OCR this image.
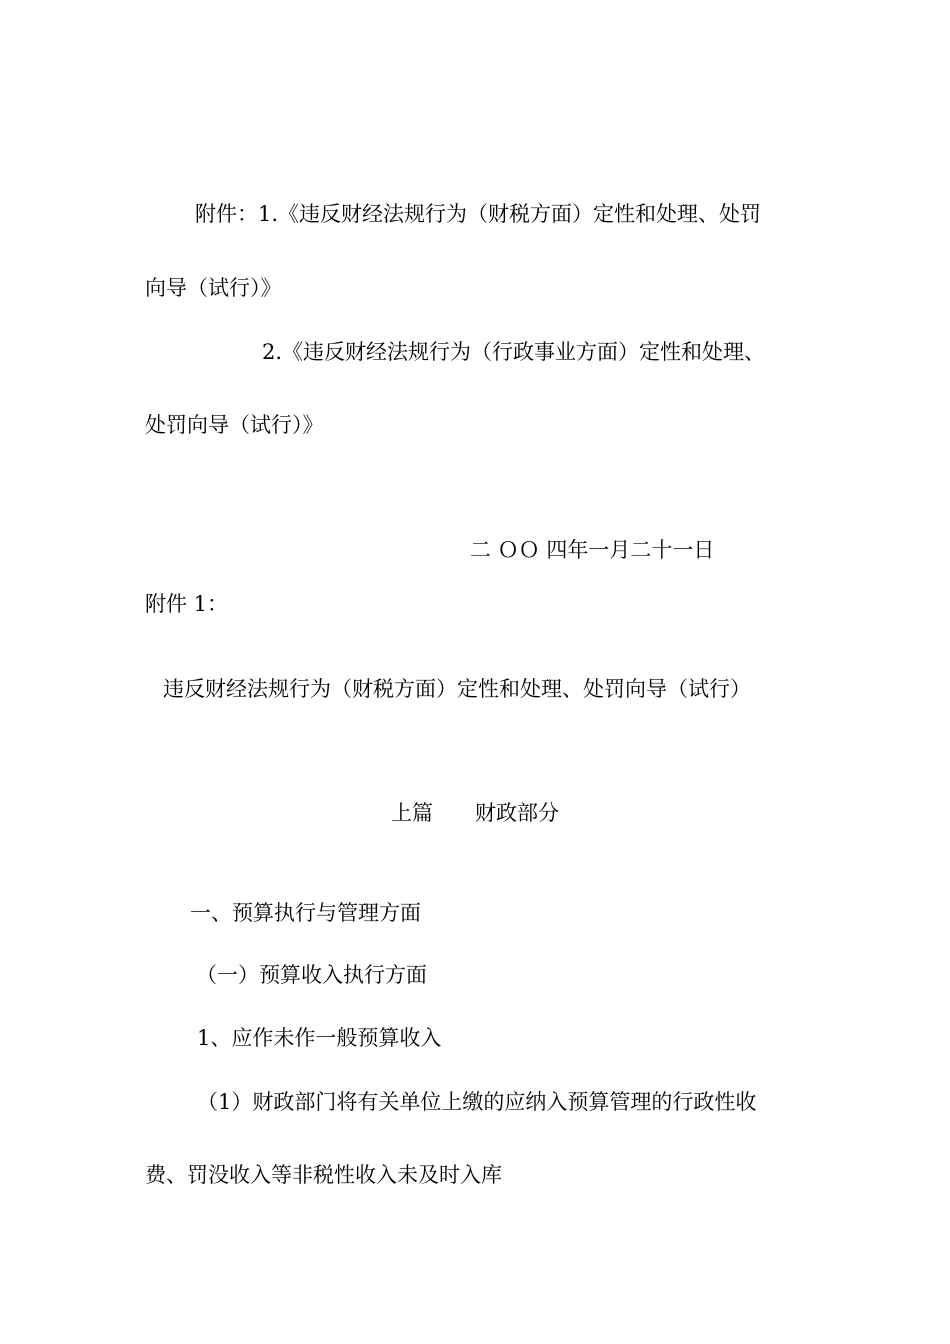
附件：1.《违反财经法规行为（财税方面）定性和处理、处罚
向导（试行）》
2.《违反财经法规行为（行政事业方面）定性和处理、
处罚向导（试行）》
二 ＯＯ 四年一月二十一日
附件 1：
违反财经法规行为（财税方面）定性和处理、处罚向导（试行）
上篇　　财政部分
一、预算执行与管理方面
（一）预算收入执行方面
1、应作未作一般预算收入
（1）财政部门将有关单位上缴的应纳入预算管理的行政性收
费、罚没收入等非税性收入未及时入库
